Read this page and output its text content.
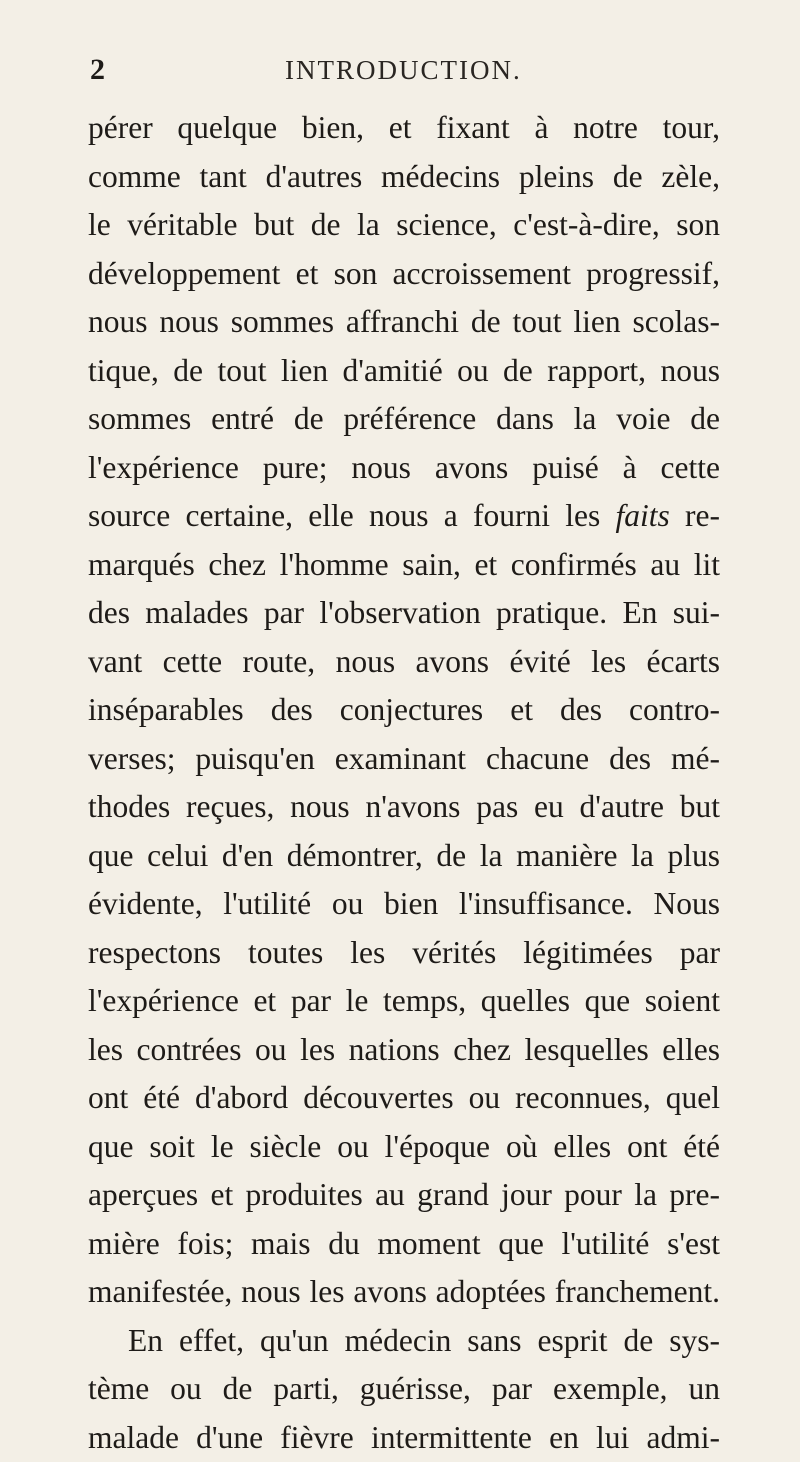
2	INTRODUCTION.
pérer quelque bien, et fixant à notre tour,
comme tant d'autres médecins pleins de zèle,
le véritable but de la science, c'est-à-dire, son
développement et son accroissement progressif,
nous nous sommes affranchi de tout lien scolas-
tique, de tout lien d'amitié ou de rapport, nous
sommes entré de préférence dans la voie de
l'expérience pure; nous avons puisé à cette
source certaine, elle nous a fourni les faits re-
marqués chez l'homme sain, et confirmés au lit
des malades par l'observation pratique. En sui-
vant cette route, nous avons évité les écarts
inséparables des conjectures et des contro-
verses; puisqu'en examinant chacune des mé-
thodes reçues, nous n'avons pas eu d'autre but
que celui d'en démontrer, de la manière la plus
évidente, l'utilité ou bien l'insuffisance. Nous
respectons toutes les vérités légitimées par
l'expérience et par le temps, quelles que soient
les contrées ou les nations chez lesquelles elles
ont été d'abord découvertes ou reconnues, quel
que soit le siècle ou l'époque où elles ont été
aperçues et produites au grand jour pour la pre-
mière fois; mais du moment que l'utilité s'est
manifestée, nous les avons adoptées franchement.
En effet, qu'un médecin sans esprit de sys-
tème ou de parti, guérisse, par exemple, un
malade d'une fièvre intermittente en lui admi-
